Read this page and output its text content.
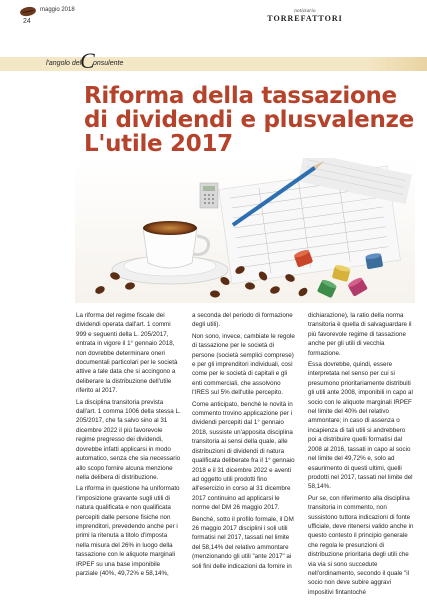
maggio 2018
24
notiziario
TORREFATTORI
l'angolo del
C
onsulente
Riforma della tassazione
di dividendi e plusvalenze
L'utile 2017

La riforma del regime fiscale dei dividendi operata dall'art. 1 commi 999 e seguenti della L. 205/2017, entrata in vigore il 1° gennaio 2018, non dovrebbe determinare oneri documentali particolari per le società attive a tale data che si accingono a deliberare la distribuzione dell'utile riferito al 2017.

La disciplina transitoria prevista dall'art. 1 comma 1006 della stessa L. 205/2017, che fa salvo sino al 31 dicembre 2022 il più favorevole regime pregresso dei dividendi, dovrebbe infatti applicarsi in modo automatico, senza che sia necessario allo scopo fornire alcuna menzione nella delibera di distribuzione.

La riforma in questione ha uniformato l'imposizione gravante sugli utili di natura qualificata e non qualificata percepiti dalle persone fisiche non imprenditori, prevedendo anche per i primi la ritenuta a titolo d'imposta nella misura del 26% in luogo della tassazione con le aliquote marginali IRPEF su una base imponibile parziale (40%, 49,72% e 58,14%,

a seconda del periodo di formazione degli utili).

Non sono, invece, cambiate le regole di tassazione per le società di persone (società semplici comprese) e per gli imprenditori individuali, così come per le società di capitali e gli enti commerciali, che assolvono l'IRES sul 5% dell'utile percepito.

Come anticipato, benché le novità in commento trovino applicazione per i dividendi percepiti dal 1° gennaio 2018, sussiste un'apposita disciplina transitoria ai sensi della quale, alle distribuzioni di dividendi di natura qualificata deliberate fra il 1° gennaio 2018 e il 31 dicembre 2022 e aventi ad oggetto utili prodotti fino all'esercizio in corso al 31 dicembre 2017 continuino ad applicarsi le norme del DM 26 maggio 2017.

Benché, sotto il profilo formale, il DM 26 maggio 2017 disciplini i soli utili formatisi nel 2017, tassati nel limite del 58,14% del relativo ammontare (menzionando gli utili "ante 2017" ai soli fini delle indicazioni da fornire in

dichiarazione), la ratio della norma transitoria è quella di salvaguardare il più favorevole regime di tassazione anche per gli utili di vecchia formazione.

Essa dovrebbe, quindi, essere interpretata nel senso per cui si presumono prioritariamente distribuiti gli utili ante 2008, imponibili in capo al socio con le aliquote marginali IRPEF nel limite del 40% del relativo ammontare; in caso di assenza o incapienza di tali utili si andrebbero poi a distribuire quelli formatisi dal 2008 al 2016, tassati in capo al socio nel limite del 49,72% e, solo ad esaurimento di questi ultimi, quelli prodotti nel 2017, tassati nel limite del 58,14%.

Pur se, con riferimento alla disciplina transitoria in commento, non sussistono tuttora indicazioni di fonte ufficiale, deve ritenersi valido anche in questo contesto il principio generale che regola le presunzioni di distribuzione prioritaria degli utili che via via si sono succedute nell'ordinamento, secondo il quale "il socio non deve subire aggravi impositivi fintantoché
